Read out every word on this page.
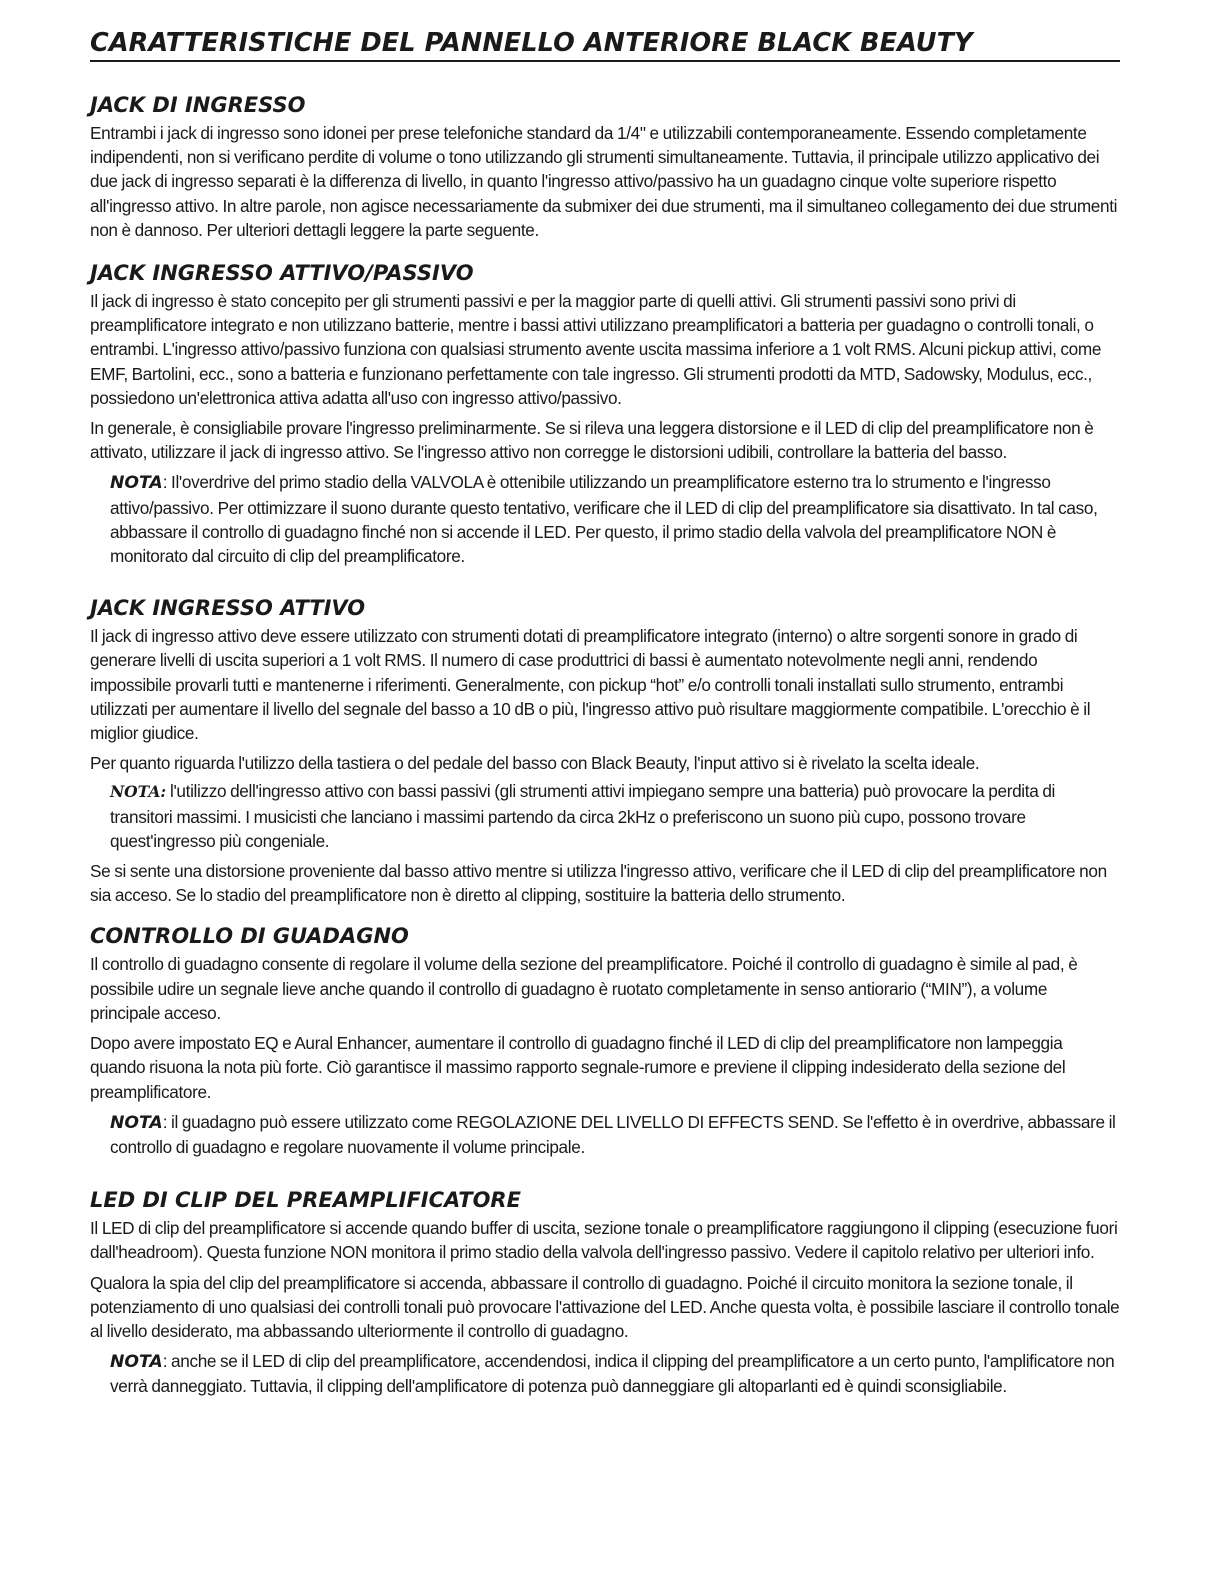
CARATTERISTICHE DEL PANNELLO ANTERIORE BLACK BEAUTY
JACK DI INGRESSO

Entrambi i jack di ingresso sono idonei per prese telefoniche standard da 1/4" e utilizzabili contemporaneamente. Essendo completamente indipendenti, non si verificano perdite di volume o tono utilizzando gli strumenti simultaneamente. Tuttavia, il principale utilizzo applicativo dei due jack di ingresso separati è la differenza di livello, in quanto l'ingresso attivo/passivo ha un guadagno cinque volte superiore rispetto all'ingresso attivo. In altre parole, non agisce necessariamente da submixer dei due strumenti, ma il simultaneo collegamento dei due strumenti non è dannoso. Per ulteriori dettagli leggere la parte seguente.

JACK INGRESSO ATTIVO/PASSIVO

Il jack di ingresso è stato concepito per gli strumenti passivi e per la maggior parte di quelli attivi. Gli strumenti passivi sono privi di preamplificatore integrato e non utilizzano batterie, mentre i bassi attivi utilizzano preamplificatori a batteria per guadagno o controlli tonali, o entrambi. L'ingresso attivo/passivo funziona con qualsiasi strumento avente uscita massima inferiore a 1 volt RMS. Alcuni pickup attivi, come EMF, Bartolini, ecc., sono a batteria e funzionano perfettamente con tale ingresso. Gli strumenti prodotti da MTD, Sadowsky, Modulus, ecc., possiedono un'elettronica attiva adatta all'uso con ingresso attivo/passivo.

In generale, è consigliabile provare l'ingresso preliminarmente. Se si rileva una leggera distorsione e il LED di clip del preamplificatore non è attivato, utilizzare il jack di ingresso attivo. Se l'ingresso attivo non corregge le distorsioni udibili, controllare la batteria del basso.

NOTA: Il'overdrive del primo stadio della VALVOLA è ottenibile utilizzando un preamplificatore esterno tra lo strumento e l'ingresso attivo/passivo. Per ottimizzare il suono durante questo tentativo, verificare che il LED di clip del preamplificatore sia disattivato. In tal caso, abbassare il controllo di guadagno finché non si accende il LED. Per questo, il primo stadio della valvola del preamplificatore NON è monitorato dal circuito di clip del preamplificatore.

JACK INGRESSO ATTIVO

Il jack di ingresso attivo deve essere utilizzato con strumenti dotati di preamplificatore integrato (interno) o altre sorgenti sonore in grado di generare livelli di uscita superiori a 1 volt RMS. Il numero di case produttrici di bassi è aumentato notevolmente negli anni, rendendo impossibile provarli tutti e mantenerne i riferimenti. Generalmente, con pickup “hot” e/o controlli tonali installati sullo strumento, entrambi utilizzati per aumentare il livello del segnale del basso a 10 dB o più, l'ingresso attivo può risultare maggiormente compatibile. L'orecchio è il miglior giudice.

Per quanto riguarda l'utilizzo della tastiera o del pedale del basso con Black Beauty, l'input attivo si è rivelato la scelta ideale.

NOTA: l'utilizzo dell'ingresso attivo con bassi passivi (gli strumenti attivi impiegano sempre una batteria) può provocare la perdita di transitori massimi. I musicisti che lanciano i massimi partendo da circa 2kHz o preferiscono un suono più cupo, possono trovare quest'ingresso più congeniale.

Se si sente una distorsione proveniente dal basso attivo mentre si utilizza l'ingresso attivo, verificare che il LED di clip del preamplificatore non sia acceso. Se lo stadio del preamplificatore non è diretto al clipping, sostituire la batteria dello strumento.

CONTROLLO DI GUADAGNO

Il controllo di guadagno consente di regolare il volume della sezione del preamplificatore. Poiché il controllo di guadagno è simile al pad, è possibile udire un segnale lieve anche quando il controllo di guadagno è ruotato completamente in senso antiorario (“MIN”), a volume principale acceso.

Dopo avere impostato EQ e Aural Enhancer, aumentare il controllo di guadagno finché il LED di clip del preamplificatore non lampeggia quando risuona la nota più forte. Ciò garantisce il massimo rapporto segnale-rumore e previene il clipping indesiderato della sezione del preamplificatore.

NOTA: il guadagno può essere utilizzato come REGOLAZIONE DEL LIVELLO DI EFFECTS SEND. Se l'effetto è in overdrive, abbassare il controllo di guadagno e regolare nuovamente il volume principale.

LED DI CLIP DEL PREAMPLIFICATORE

Il LED di clip del preamplificatore si accende quando buffer di uscita, sezione tonale o preamplificatore raggiungono il clipping (esecuzione fuori dall'headroom). Questa funzione NON monitora il primo stadio della valvola dell'ingresso passivo. Vedere il capitolo relativo per ulteriori info.

Qualora la spia del clip del preamplificatore si accenda, abbassare il controllo di guadagno. Poiché il circuito monitora la sezione tonale, il potenziamento di uno qualsiasi dei controlli tonali può provocare l'attivazione del LED. Anche questa volta, è possibile lasciare il controllo tonale al livello desiderato, ma abbassando ulteriormente il controllo di guadagno.

NOTA: anche se il LED di clip del preamplificatore, accendendosi, indica il clipping del preamplificatore a un certo punto, l'amplificatore non verrà danneggiato. Tuttavia, il clipping dell'amplificatore di potenza può danneggiare gli altoparlanti ed è quindi sconsigliabile.
